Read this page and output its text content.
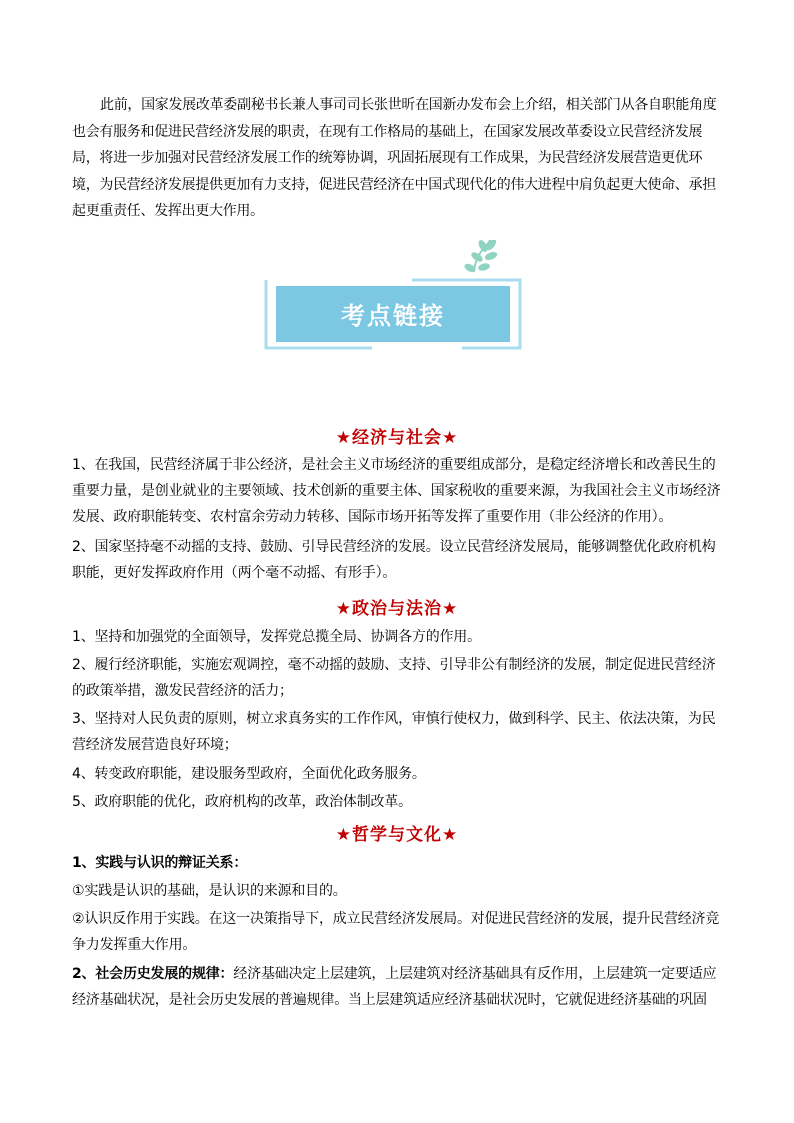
此前，国家发展改革委副秘书长兼人事司司长张世昕在国新办发布会上介绍，相关部门从各自职能角度也会有服务和促进民营经济发展的职责，在现有工作格局的基础上，在国家发展改革委设立民营经济发展局，将进一步加强对民营经济发展工作的统筹协调，巩固拓展现有工作成果，为民营经济发展营造更优环境，为民营经济发展提供更加有力支持，促进民营经济在中国式现代化的伟大进程中肩负起更大使命、承担起更重责任、发挥出更大作用。

考点链接
★经济与社会★

1、在我国，民营经济属于非公经济，是社会主义市场经济的重要组成部分，是稳定经济增长和改善民生的重要力量，是创业就业的主要领域、技术创新的重要主体、国家税收的重要来源，为我国社会主义市场经济发展、政府职能转变、农村富余劳动力转移、国际市场开拓等发挥了重要作用（非公经济的作用）。

2、国家坚持毫不动摇的支持、鼓励、引导民营经济的发展。设立民营经济发展局，能够调整优化政府机构职能，更好发挥政府作用（两个毫不动摇、有形手）。

★政治与法治★

1、坚持和加强党的全面领导，发挥党总揽全局、协调各方的作用。

2、履行经济职能，实施宏观调控，毫不动摇的鼓励、支持、引导非公有制经济的发展，制定促进民营经济的政策举措，激发民营经济的活力；

3、坚持对人民负责的原则，树立求真务实的工作作风，审慎行使权力，做到科学、民主、依法决策，为民营经济发展营造良好环境；

4、转变政府职能，建设服务型政府，全面优化政务服务。

5、政府职能的优化，政府机构的改革，政治体制改革。

★哲学与文化★

1、实践与认识的辩证关系：

①实践是认识的基础，是认识的来源和目的。

②认识反作用于实践。在这一决策指导下，成立民营经济发展局。对促进民营经济的发展，提升民营经济竞争力发挥重大作用。

2、社会历史发展的规律：经济基础决定上层建筑，上层建筑对经济基础具有反作用，上层建筑一定要适应经济基础状况，是社会历史发展的普遍规律。当上层建筑适应经济基础状况时，它就促进经济基础的巩固
